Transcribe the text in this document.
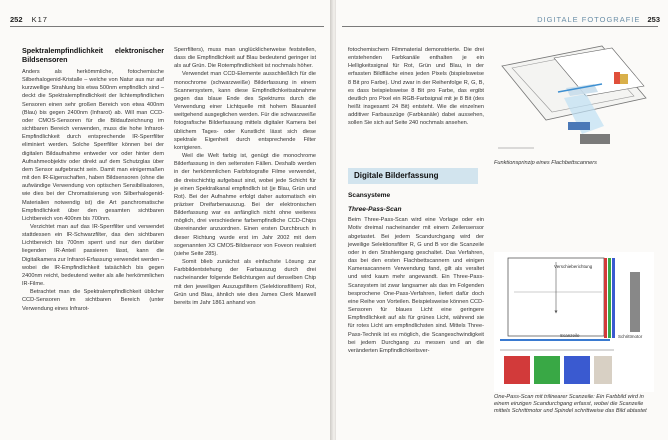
252 K17
Spektralempfindlichkeit elektronischer Bildsensoren

Anders als herkömmliche, fotochemische Silberhalogenid-Kristalle – welche von Natur aus nur auf kurzwellige Strahlung bis etwa 500nm empfindlich sind – deckt die Spektralempfindlichkeit der lichtempfindlichen Sensoren einen sehr großen Bereich von etwa 400nm (Blau) bis gegen 2400nm (Infrarot) ab. Will man CCD- oder CMOS-Sensoren für die Bildaufzeichnung im sichtbaren Bereich verwenden, muss die hohe Infrarot-Empfindlichkeit durch entsprechende IR-Sperrfilter eliminiert werden. Solche Sperrfilter können bei der digitalen Bildaufnahme entweder vor oder hinter dem Aufnahmeobjektiv oder direkt auf dem Schutzglas über dem Sensor aufgebracht sein. Damit man einigermaßen mit den IR-Eigenschaften, haben Bildsensoren (ohne die aufwändige Verwendung von optischen Sensibilisatoren, wie dies bei der Chromatisierung von Silberhalogenid-Materialien notwendig ist) die Art panchromatische Empfindlichkeit über den gesamten sichtbaren Lichtbereich von 400nm bis 700nm.

Verzichtet man auf das IR-Sperrfilter und verwendet stattdessen ein IR-Schwarzfilter, das den sichtbaren Lichtbereich bis 700nm sperrt und nur den darüber liegenden IR-Anteil passieren lässt, kann die Digitalkamera zur Infrarot-Erfassung verwendet werden – wobei die IR-Empfindlichkeit tatsächlich bis gegen 2400nm reicht, bedeutend weiter als alle herkömmlichen IR-Filme.

Betrachtet man die Spektralempfindlichkeit üblicher CCD-Sensoren im sichtbaren Bereich (unter Verwendung eines Infrarot-

Sperrfilters), muss man unglücklicherweise feststellen, dass die Empfindlichkeit auf Blau bedeutend geringer ist als auf Grün. Die Rotempfindlichkeit ist nochmals höher.

Verwendet man CCD-Elemente ausschließlich für die monochrome (schwarzweiße) Bilderfassung in einem Scannersystem, kann diese Empfindlichkeitsabnahme gegen das blaue Ende des Spektrums durch die Verwendung einer Lichtquelle mit hohem Blauanteil weitgehend ausgeglichen werden. Für die schwarzweiße fotografische Bilderfassung mittels digitaler Kamera bei üblichem Tages- oder Kunstlicht lässt sich diese spektrale Eigenheit durch entsprechende Filter korrigieren.

Weil die Welt farbig ist, genügt die monochrome Bilderfassung in den seltensten Fällen. Deshalb werden in der herkömmlichen Farbfotografie Filme verwendet, die dreischichtig aufgebaut sind, wobei jede Schicht für je einen Spektralkanal empfindlich ist (je Blau, Grün und Rot). Bei der Aufnahme erfolgt daher automatisch ein präziser Dreifarbenauszug. Bei der elektronischen Bilderfassung war es anfänglich nicht ohne weiteres möglich, drei verschiedene farbempfindliche CCD-Chips übereinander anzuordnen. Einen ersten Durchbruch in dieser Richtung wurde erst im Jahr 2002 mit dem sogenannten X3 CMOS-Bildsensor von Foveon realisiert (siehe Seite 285).

Somit blieb zunächst als einfachste Lösung zur Farbbildentstehung der Farbauszug durch drei nacheinander folgende Belichtungen auf denselben Chip mit den jeweiligen Auszugsfiltern (Selektionsfiltern) Rot, Grün und Blau, ähnlich wie dies James Clerk Maxwell bereits im Jahr 1861 anhand von

DIGITALE FOTOGRAFIE 253

fotochemischem Filmmaterial demonstrierte. Die drei entstehenden Farbkanäle enthalten je ein Helligkeitssignal für Rot, Grün und Blau, in der erfassten Bildfläche eines jeden Pixels (bispielsweise 8 Bit pro Farbe). Und zwar in der Reihenfolge R, G, B, es dass beispielsweise 8 Bit pro Farbe, das ergibt deutlich pro Pixel ein RGB-Farbsignal mit je 8 Bit (des heißt insgesamt 24 Bit) entsteht. Wie die einzelnen additiver Farbauszüge (Farbkanäle) dabei aussehen, sollen Sie sich auf Seite 240 nochmals ansehen.

Digitale Bilderfassung
Scansysteme
Three-Pass-Scan

Beim Three-Pass-Scan wird eine Vorlage oder ein Motiv dreimal nacheinander mit einem Zeilensensor abgetastet. Bei jedem Scandurchgang wird der jeweilige Selektionsfilter R, G und B vor die Scanzeile oder in den Strahlengang geschaltet. Das Verfahren, das bei den ersten Flachbettscannern und einigen Kamerascannern Verwendung fand, gilt als veraltet und wird kaum mehr angewandt. Ein Three-Pass-Scansystem ist zwar langsamer als das im Folgenden besprochene One-Pass-Verfahren, liefert dafür doch eine Reihe von Vorteilen. Beispielsweise können CCD-Sensoren für blaues Licht eine geringere Empfindlichkeit auf als für grünes Licht, während sie für rotes Licht am empfindlichsten sind. Mittels Three-Pass-Technik ist es möglich, die Scangeschwindigkeit bei jedem Durchgang zu messen und an die veränderten Empfindlichkeitsver-

Funktionsprinzip eines Flachbettscanners
Verschieberichtung
Scanzeile	Schrittmotor
One-Pass-Scan mit trilinearer Scanzeile: Ein Farbbild wird in einem einzigen Scandurchgang erfasst, wobei die Scanzeile mittels Schrittmotor und Spindel schrittweise das Bild abtastet
